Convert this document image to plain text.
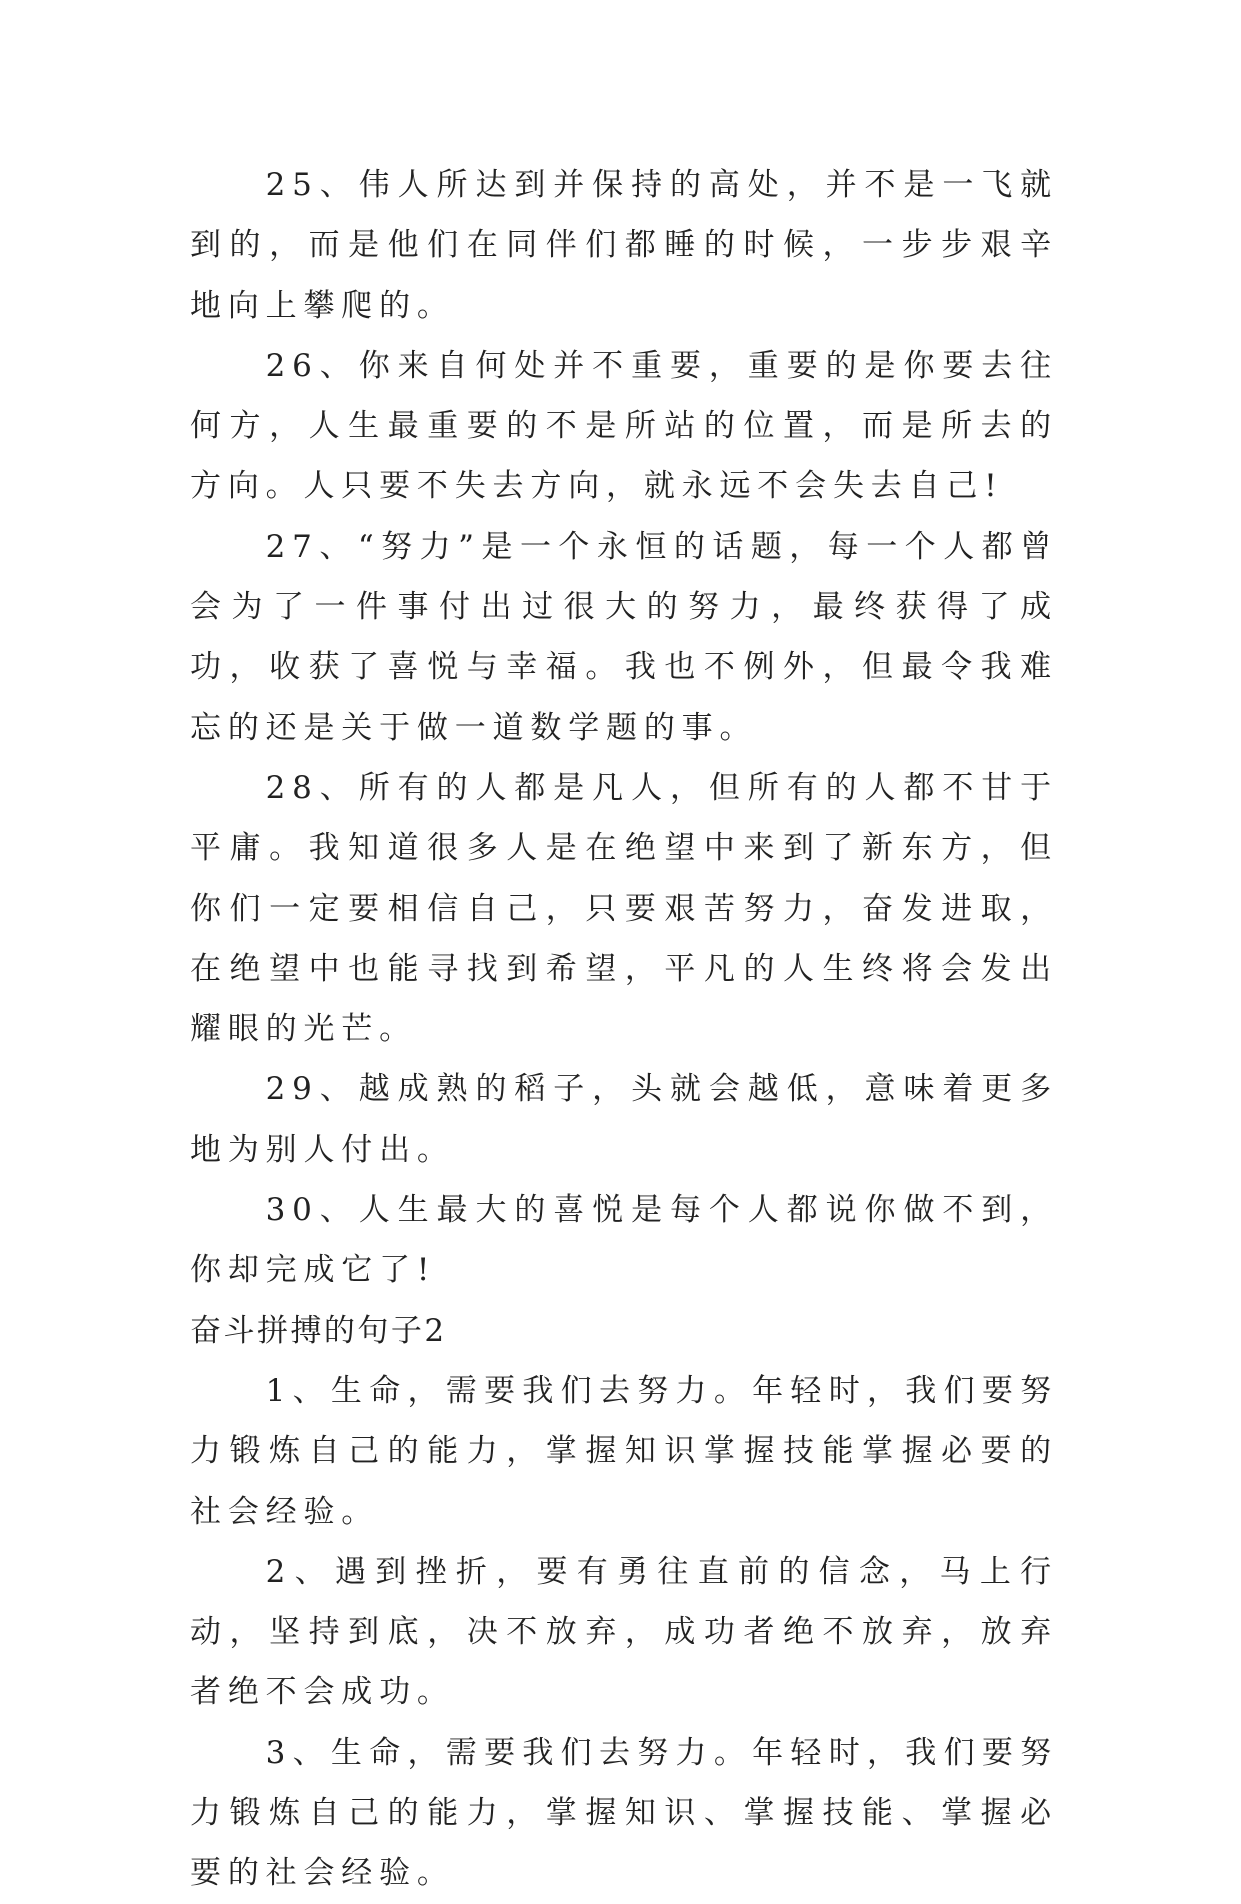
25、伟人所达到并保持的高处，并不是一飞就到的，而是他们在同伴们都睡的时候，一步步艰辛地向上攀爬的。

26、你来自何处并不重要，重要的是你要去往何方，人生最重要的不是所站的位置，而是所去的方向。人只要不失去方向，就永远不会失去自己!

27、“努力”是一个永恒的话题，每一个人都曾会为了一件事付出过很大的努力，最终获得了成功，收获了喜悦与幸福。我也不例外，但最令我难忘的还是关于做一道数学题的事。

28、所有的人都是凡人，但所有的人都不甘于平庸。我知道很多人是在绝望中来到了新东方，但你们一定要相信自己，只要艰苦努力，奋发进取，在绝望中也能寻找到希望，平凡的人生终将会发出耀眼的光芒。

29、越成熟的稻子，头就会越低，意味着更多地为别人付出。

30、人生最大的喜悦是每个人都说你做不到，你却完成它了!

奋斗拼搏的句子2

1、生命，需要我们去努力。年轻时，我们要努力锻炼自己的能力，掌握知识掌握技能掌握必要的社会经验。

2、遇到挫折，要有勇往直前的信念，马上行动，坚持到底，决不放弃，成功者绝不放弃，放弃者绝不会成功。

3、生命，需要我们去努力。年轻时，我们要努力锻炼自己的能力，掌握知识、掌握技能、掌握必要的社会经验。
